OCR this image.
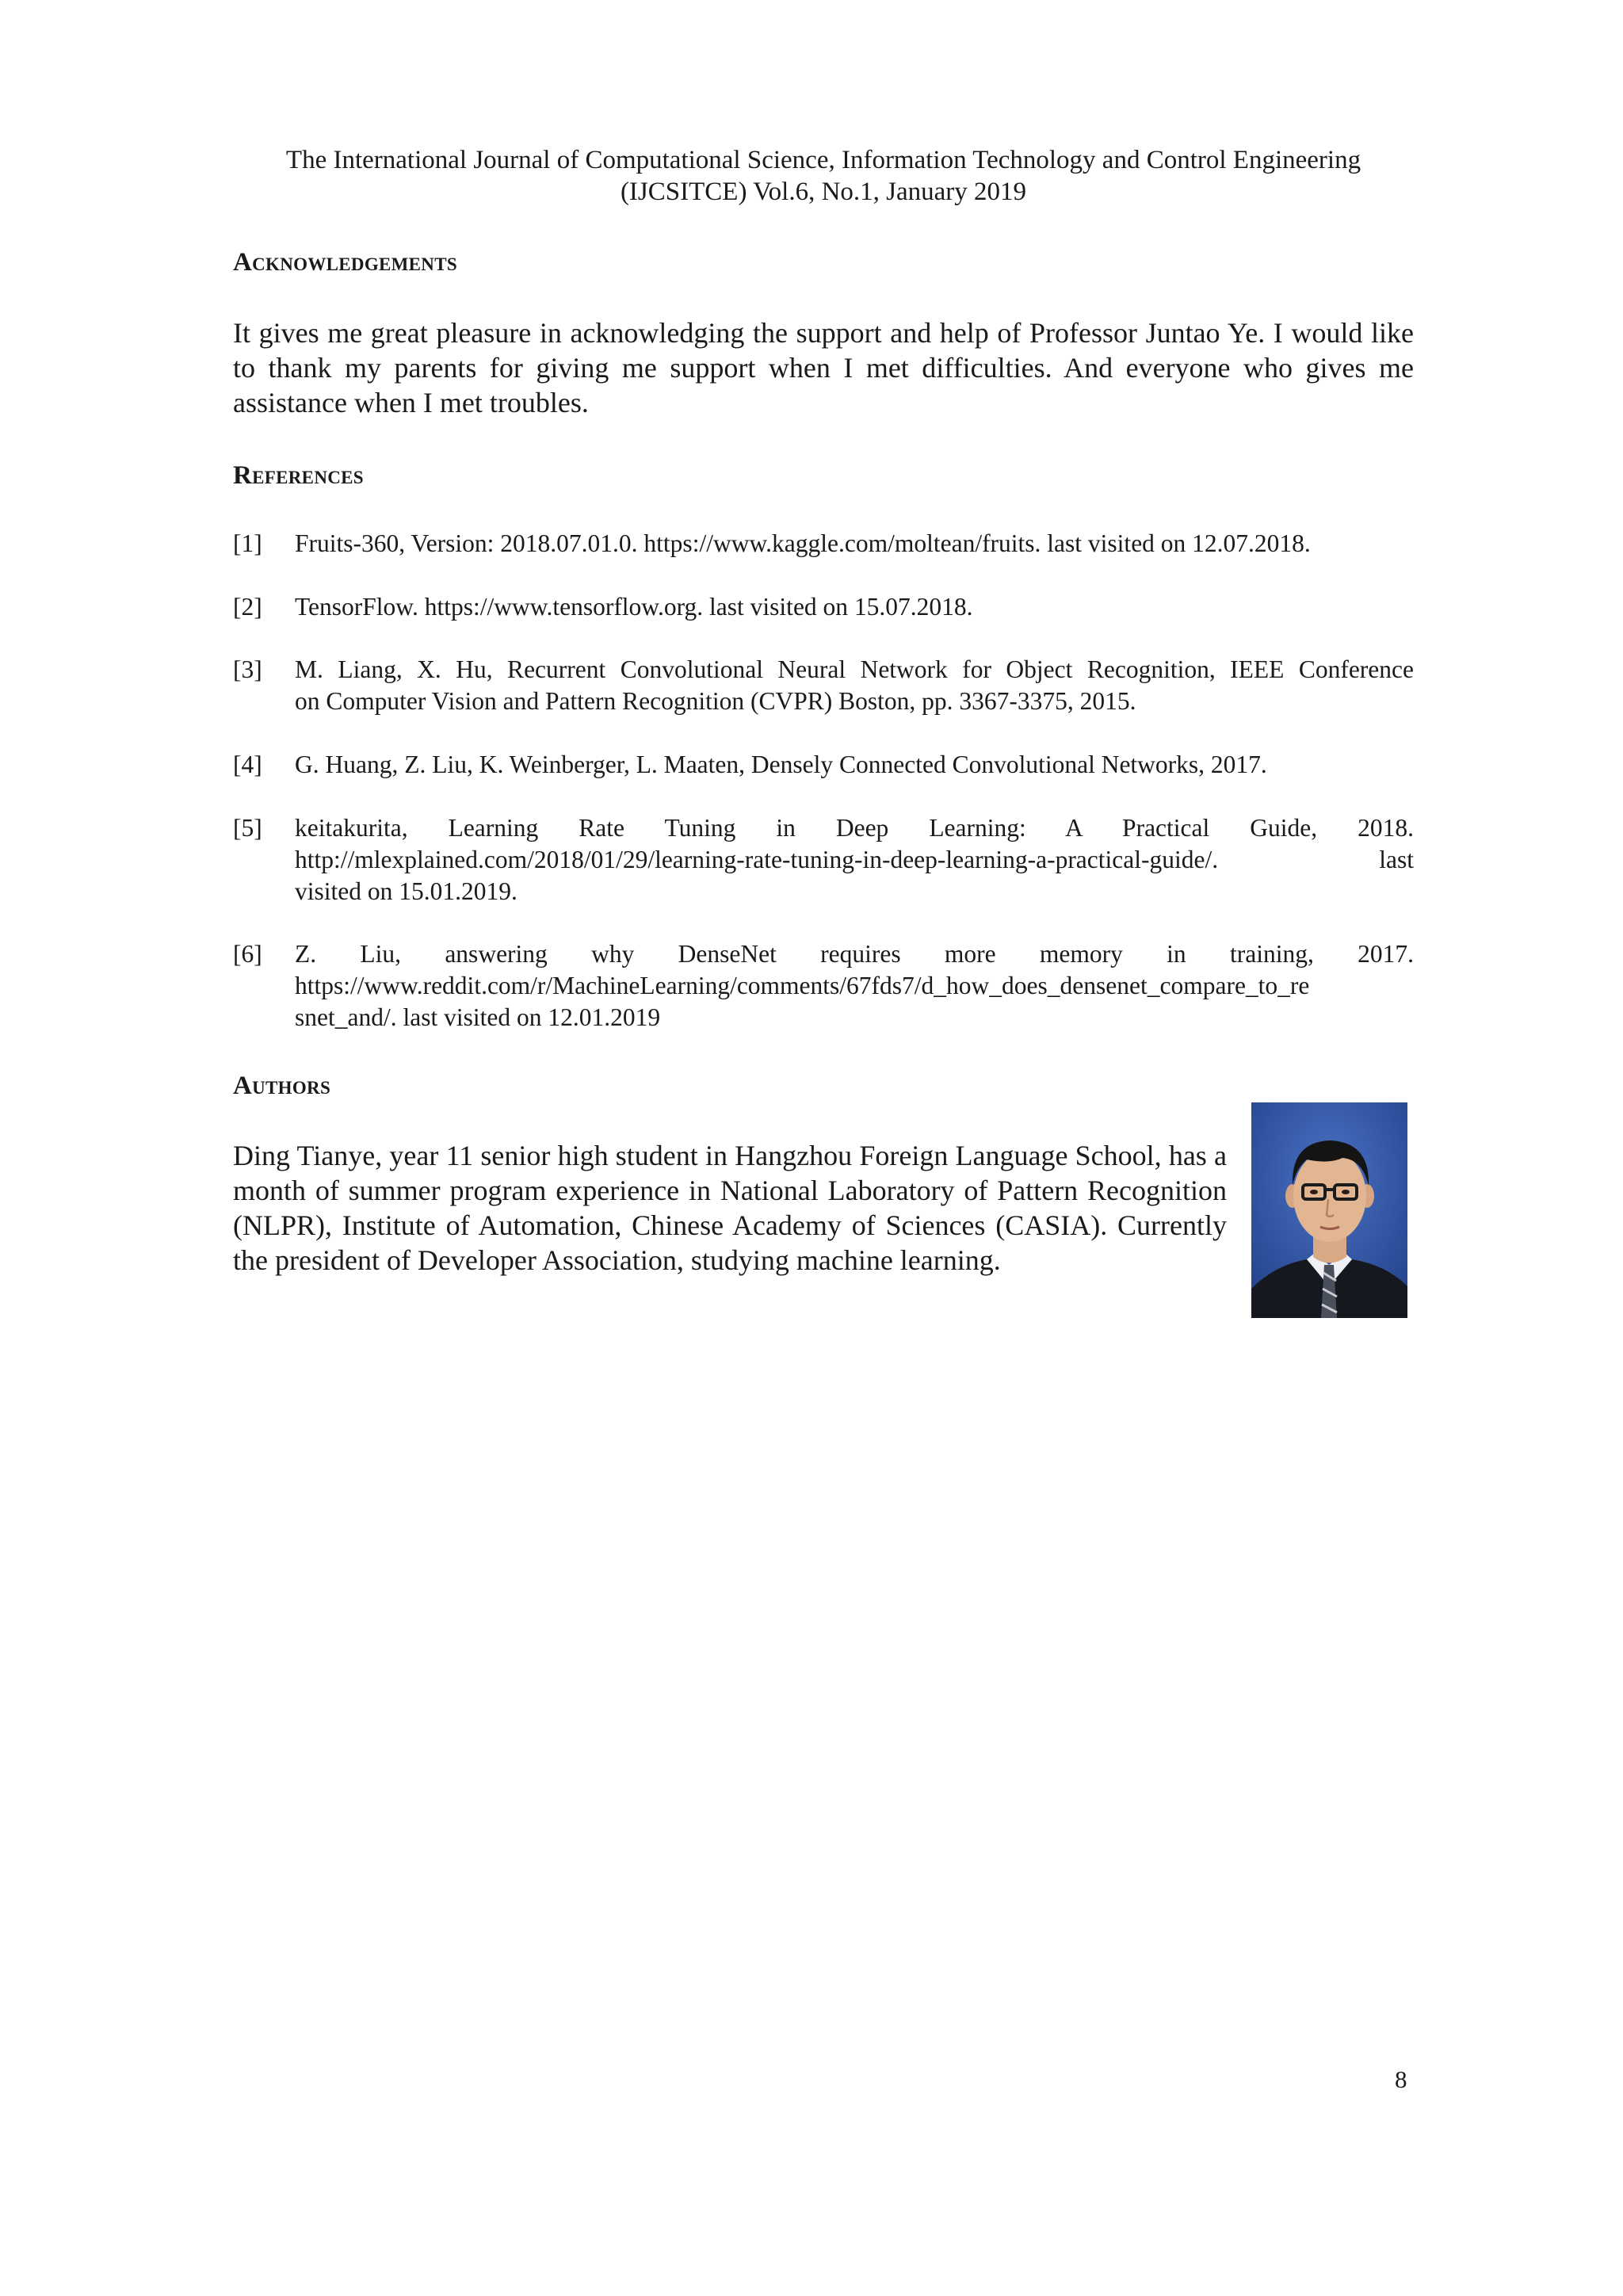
The International Journal of Computational Science, Information Technology and Control Engineering
(IJCSITCE) Vol.6, No.1, January 2019
Acknowledgements
It gives me great pleasure in acknowledging the support and help of Professor Juntao Ye. I would like to thank my parents for giving me support when I met difficulties. And everyone who gives me assistance when I met troubles.
References
[1] Fruits-360, Version: 2018.07.01.0. https://www.kaggle.com/moltean/fruits. last visited on 12.07.2018.
[2] TensorFlow. https://www.tensorflow.org. last visited on 15.07.2018.
[3] M. Liang, X. Hu, Recurrent Convolutional Neural Network for Object Recognition, IEEE Conference
on Computer Vision and Pattern Recognition (CVPR) Boston, pp. 3367-3375, 2015.
[4] G. Huang, Z. Liu, K. Weinberger, L. Maaten, Densely Connected Convolutional Networks, 2017.
[5] keitakurita, Learning Rate Tuning in Deep Learning: A Practical Guide, 2018.
http://mlexplained.com/2018/01/29/learning-rate-tuning-in-deep-learning-a-practical-guide/. last
visited on 15.01.2019.
[6] Z. Liu, answering why DenseNet requires more memory in training, 2017.
https://www.reddit.com/r/MachineLearning/comments/67fds7/d_how_does_densenet_compare_to_re
snet_and/. last visited on 12.01.2019
Authors
Ding Tianye, year 11 senior high student in Hangzhou Foreign Language School, has a month of summer program experience in National Laboratory of Pattern Recognition (NLPR), Institute of Automation, Chinese Academy of Sciences (CASIA). Currently the president of Developer Association, studying machine learning.
8
